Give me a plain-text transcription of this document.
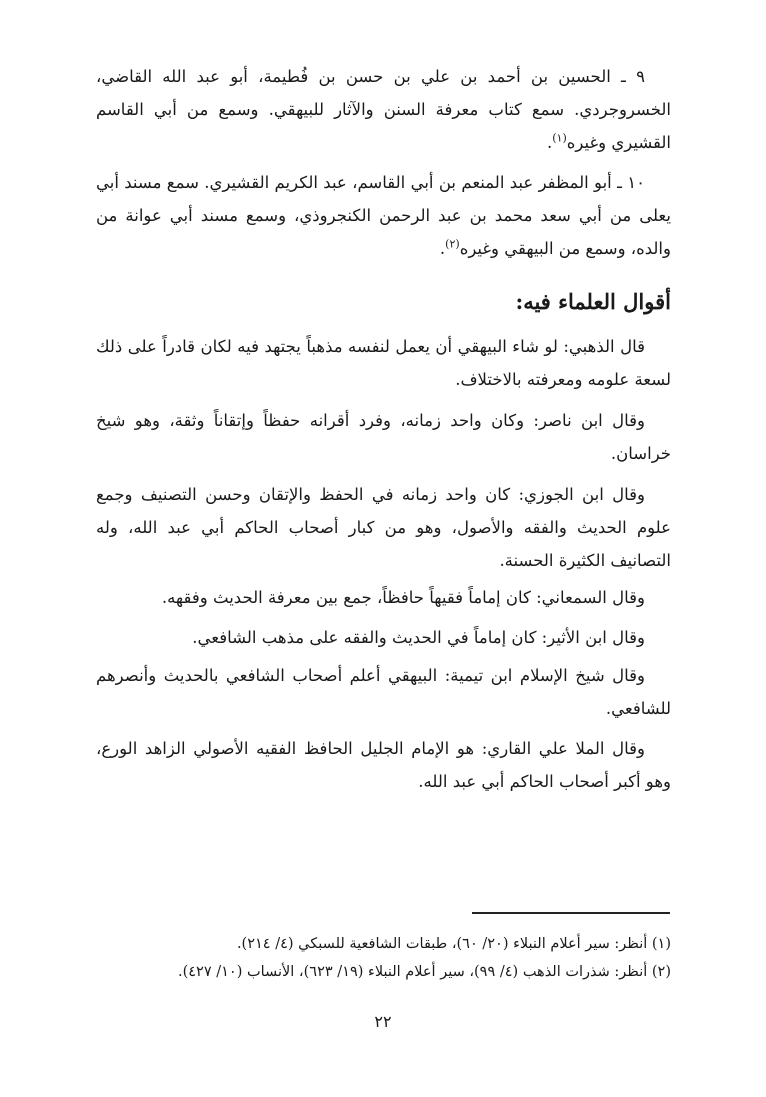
٩ ـ الحسين بن أحمد بن علي بن حسن بن فُطيمة، أبو عبد الله القاضي، الخسروجردي. سمع كتاب معرفة السنن والآثار للبيهقي. وسمع من أبي القاسم القشيري وغيره$^{(١)}$.

١٠ ـ أبو المظفر عبد المنعم بن أبي القاسم، عبد الكريم القشيري. سمع مسند أبي يعلى من أبي سعد محمد بن عبد الرحمن الكنجروذي، وسمع مسند أبي عوانة من والده، وسمع من البيهقي وغيره$^{(٢)}$.

أقوال العلماء فيه:

قال الذهبي: لو شاء البيهقي أن يعمل لنفسه مذهباً يجتهد فيه لكان قادراً على ذلك لسعة علومه ومعرفته بالاختلاف.

وقال ابن ناصر: وكان واحد زمانه، وفرد أقرانه حفظاً وإتقاناً وثقة، وهو شيخ خراسان.

وقال ابن الجوزي: كان واحد زمانه في الحفظ والإتقان وحسن التصنيف وجمع علوم الحديث والفقه والأصول، وهو من كبار أصحاب الحاكم أبي عبد الله، وله التصانيف الكثيرة الحسنة.

وقال السمعاني: كان إماماً فقيهاً حافظاً، جمع بين معرفة الحديث وفقهه.

وقال ابن الأثير: كان إماماً في الحديث والفقه على مذهب الشافعي.

وقال شيخ الإسلام ابن تيمية: البيهقي أعلم أصحاب الشافعي بالحديث وأنصرهم للشافعي.

وقال الملا علي القاري: هو الإمام الجليل الحافظ الفقيه الأصولي الزاهد الورع، وهو أكبر أصحاب الحاكم أبي عبد الله.

(١) أنظر: سير أعلام النبلاء (٢٠/ ٦٠)، طبقات الشافعية للسبكي (٤/ ٢١٤).

(٢) أنظر: شذرات الذهب (٤/ ٩٩)، سير أعلام النبلاء (١٩/ ٦٢٣)، الأنساب (١٠/ ٤٢٧).

٢٢
